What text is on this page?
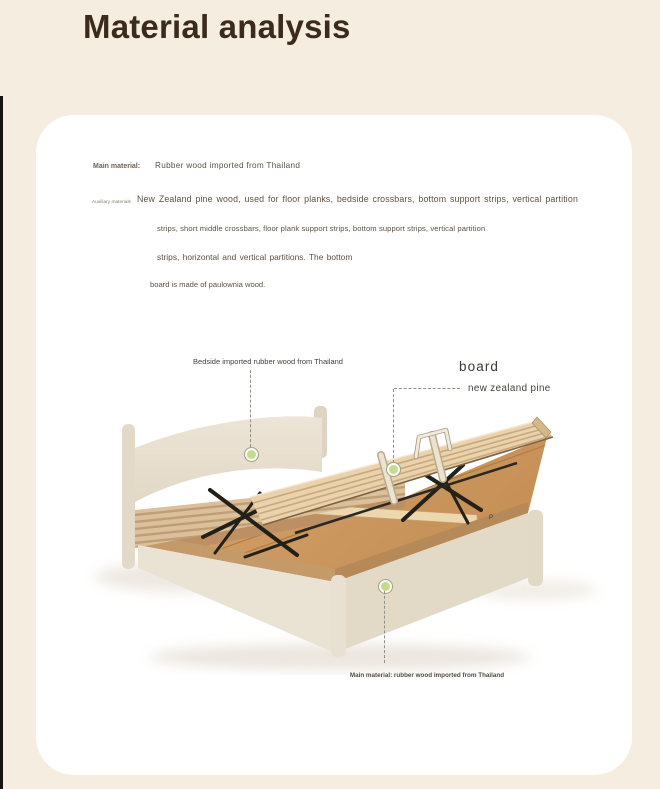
Material analysis
Main material: Rubber wood imported from Thailand
Auxiliary materials New Zealand pine wood, used for floor planks, bedside crossbars, bottom support strips, vertical partition
strips, short middle crossbars, floor plank support strips, bottom support strips, vertical partition
strips, horizontal and vertical partitions. The bottom
board is made of paulownia wood.
P
Bedside imported rubber wood from Thailand	board
new zealand pine
Main material: rubber wood imported from Thailand
